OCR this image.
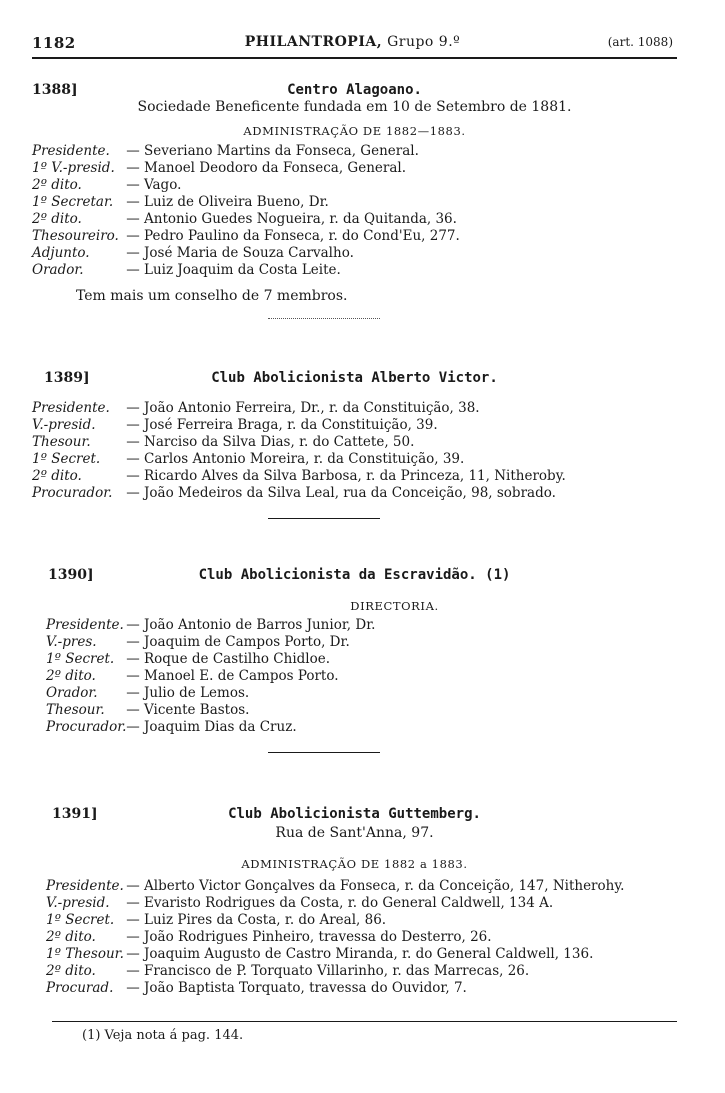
1182	PHILANTROPIA, Grupo 9.º	(art. 1088)
1388]	Centro Alagoano.
Sociedade Beneficente fundada em 10 de Setembro de 1881.
ADMINISTRAÇÃO DE 1882—1883.
Presidente. — Severiano Martins da Fonseca, General.
1º V.-presid. — Manoel Deodoro da Fonseca, General.
2º dito.	— Vago.
1º Secretar. — Luiz de Oliveira Bueno, Dr.
2º dito.	— Antonio Guedes Nogueira, r. da Quitanda, 36.
Thesoureiro. — Pedro Paulino da Fonseca, r. do Cond'Eu, 277.
Adjunto.	— José Maria de Souza Carvalho.
Orador.	— Luiz Joaquim da Costa Leite.
Tem mais um conselho de 7 membros.
1389]	Club Abolicionista Alberto Victor.
Presidente. — João Antonio Ferreira, Dr., r. da Constituição, 38.
V.-presid. — José Ferreira Braga, r. da Constituição, 39.
Thesour.	— Narciso da Silva Dias, r. do Cattete, 50.
1º Secret. — Carlos Antonio Moreira, r. da Constituição, 39.
2º dito.	— Ricardo Alves da Silva Barbosa, r. da Princeza, 11, Nitheroby.
Procurador. — João Medeiros da Silva Leal, rua da Conceição, 98, sobrado.
1390]	Club Abolicionista da Escravidão. (1)
DIRECTORIA.
Presidente. — João Antonio de Barros Junior, Dr.
V.-pres. — Joaquim de Campos Porto, Dr.
1º Secret. — Roque de Castilho Chidloe.
2º dito. — Manoel E. de Campos Porto.
Orador. — Julio de Lemos.
Thesour. — Vicente Bastos.
Procurador.— Joaquim Dias da Cruz.
1391]	Club Abolicionista Guttemberg.
Rua de Sant'Anna, 97.
ADMINISTRAÇÃO DE 1882 a 1883.
Presidente. — Alberto Victor Gonçalves da Fonseca, r. da Conceição, 147, Nitherohy.
V.-presid. — Evaristo Rodrigues da Costa, r. do General Caldwell, 134 A.
1º Secret. — Luiz Pires da Costa, r. do Areal, 86.
2º dito. — João Rodrigues Pinheiro, travessa do Desterro, 26.
1º Thesour. — Joaquim Augusto de Castro Miranda, r. do General Caldwell, 136.
2º dito. — Francisco de P. Torquato Villarinho, r. das Marrecas, 26.
Procurad. — João Baptista Torquato, travessa do Ouvidor, 7.
(1) Veja nota á pag. 144.
